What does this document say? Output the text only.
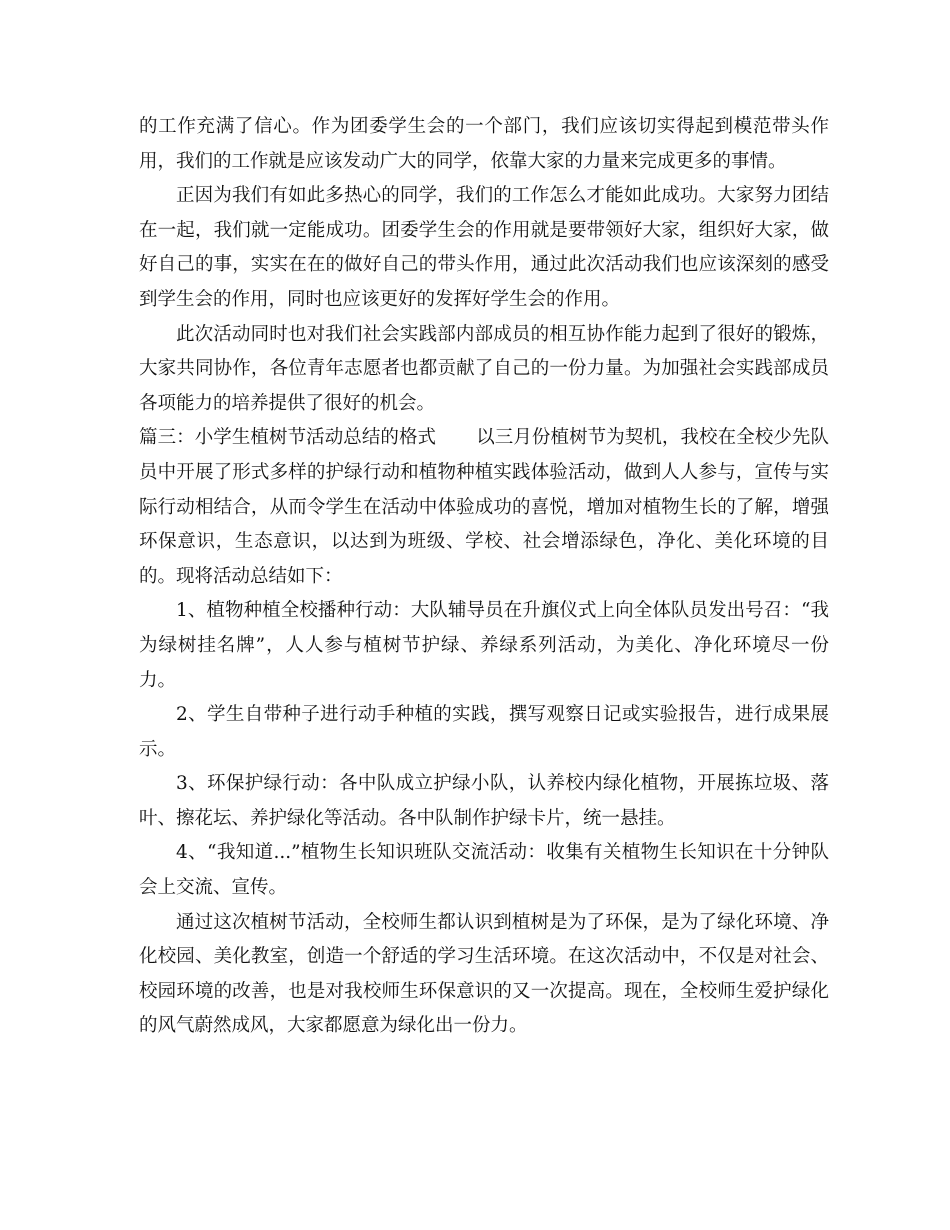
的工作充满了信心。作为团委学生会的一个部门，我们应该切实得起到模范带头作用，我们的工作就是应该发动广大的同学，依靠大家的力量来完成更多的事情。

正因为我们有如此多热心的同学，我们的工作怎么才能如此成功。大家努力团结在一起，我们就一定能成功。团委学生会的作用就是要带领好大家，组织好大家，做好自己的事，实实在在的做好自己的带头作用，通过此次活动我们也应该深刻的感受到学生会的作用，同时也应该更好的发挥好学生会的作用。

此次活动同时也对我们社会实践部内部成员的相互协作能力起到了很好的锻炼，大家共同协作，各位青年志愿者也都贡献了自己的一份力量。为加强社会实践部成员各项能力的培养提供了很好的机会。

篇三：小学生植树节活动总结的格式 以三月份植树节为契机，我校在全校少先队员中开展了形式多样的护绿行动和植物种植实践体验活动，做到人人参与，宣传与实际行动相结合，从而令学生在活动中体验成功的喜悦，增加对植物生长的了解，增强环保意识，生态意识，以达到为班级、学校、社会增添绿色，净化、美化环境的目的。现将活动总结如下：

1、植物种植全校播种行动：大队辅导员在升旗仪式上向全体队员发出号召：“我为绿树挂名牌”，人人参与植树节护绿、养绿系列活动，为美化、净化环境尽一份力。

2、学生自带种子进行动手种植的实践，撰写观察日记或实验报告，进行成果展示。

3、环保护绿行动：各中队成立护绿小队，认养校内绿化植物，开展拣垃圾、落叶、擦花坛、养护绿化等活动。各中队制作护绿卡片，统一悬挂。

4、“我知道...”植物生长知识班队交流活动：收集有关植物生长知识在十分钟队会上交流、宣传。

通过这次植树节活动，全校师生都认识到植树是为了环保，是为了绿化环境、净化校园、美化教室，创造一个舒适的学习生活环境。在这次活动中，不仅是对社会、校园环境的改善，也是对我校师生环保意识的又一次提高。现在，全校师生爱护绿化的风气蔚然成风，大家都愿意为绿化出一份力。
